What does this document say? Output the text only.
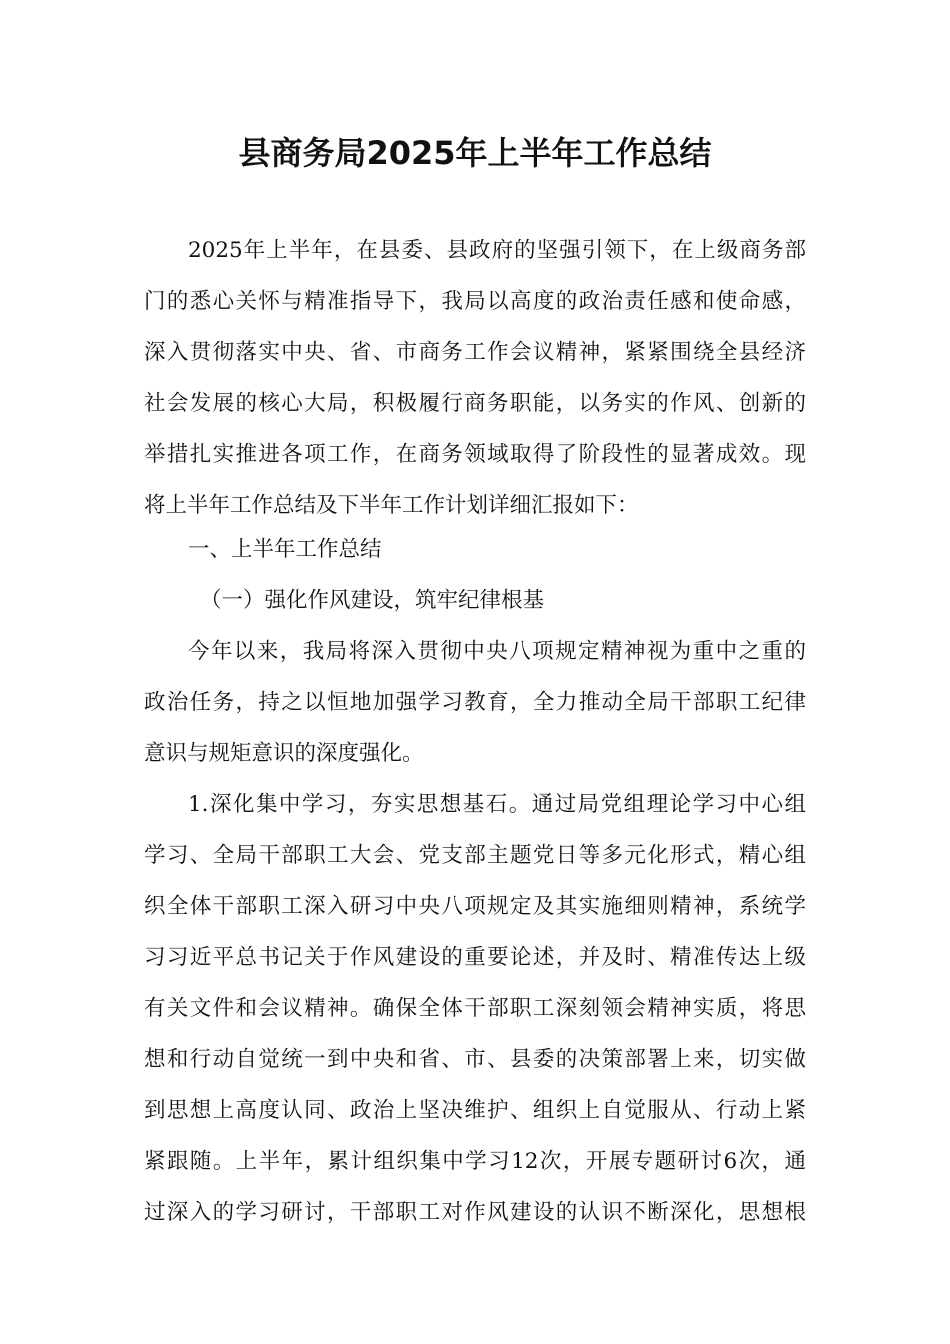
县商务局2025年上半年工作总结

2025年上半年，在县委、县政府的坚强引领下，在上级商务部

门的悉心关怀与精准指导下，我局以高度的政治责任感和使命感，

深入贯彻落实中央、省、市商务工作会议精神，紧紧围绕全县经济

社会发展的核心大局，积极履行商务职能，以务实的作风、创新的

举措扎实推进各项工作，在商务领域取得了阶段性的显著成效。现

将上半年工作总结及下半年工作计划详细汇报如下：

一、上半年工作总结

（一）强化作风建设，筑牢纪律根基

今年以来，我局将深入贯彻中央八项规定精神视为重中之重的

政治任务，持之以恒地加强学习教育，全力推动全局干部职工纪律

意识与规矩意识的深度强化。

1.深化集中学习，夯实思想基石。通过局党组理论学习中心组

学习、全局干部职工大会、党支部主题党日等多元化形式，精心组

织全体干部职工深入研习中央八项规定及其实施细则精神，系统学

习习近平总书记关于作风建设的重要论述，并及时、精准传达上级

有关文件和会议精神。确保全体干部职工深刻领会精神实质，将思

想和行动自觉统一到中央和省、市、县委的决策部署上来，切实做

到思想上高度认同、政治上坚决维护、组织上自觉服从、行动上紧

紧跟随。上半年，累计组织集中学习12次，开展专题研讨6次，通

过深入的学习研讨，干部职工对作风建设的认识不断深化，思想根
